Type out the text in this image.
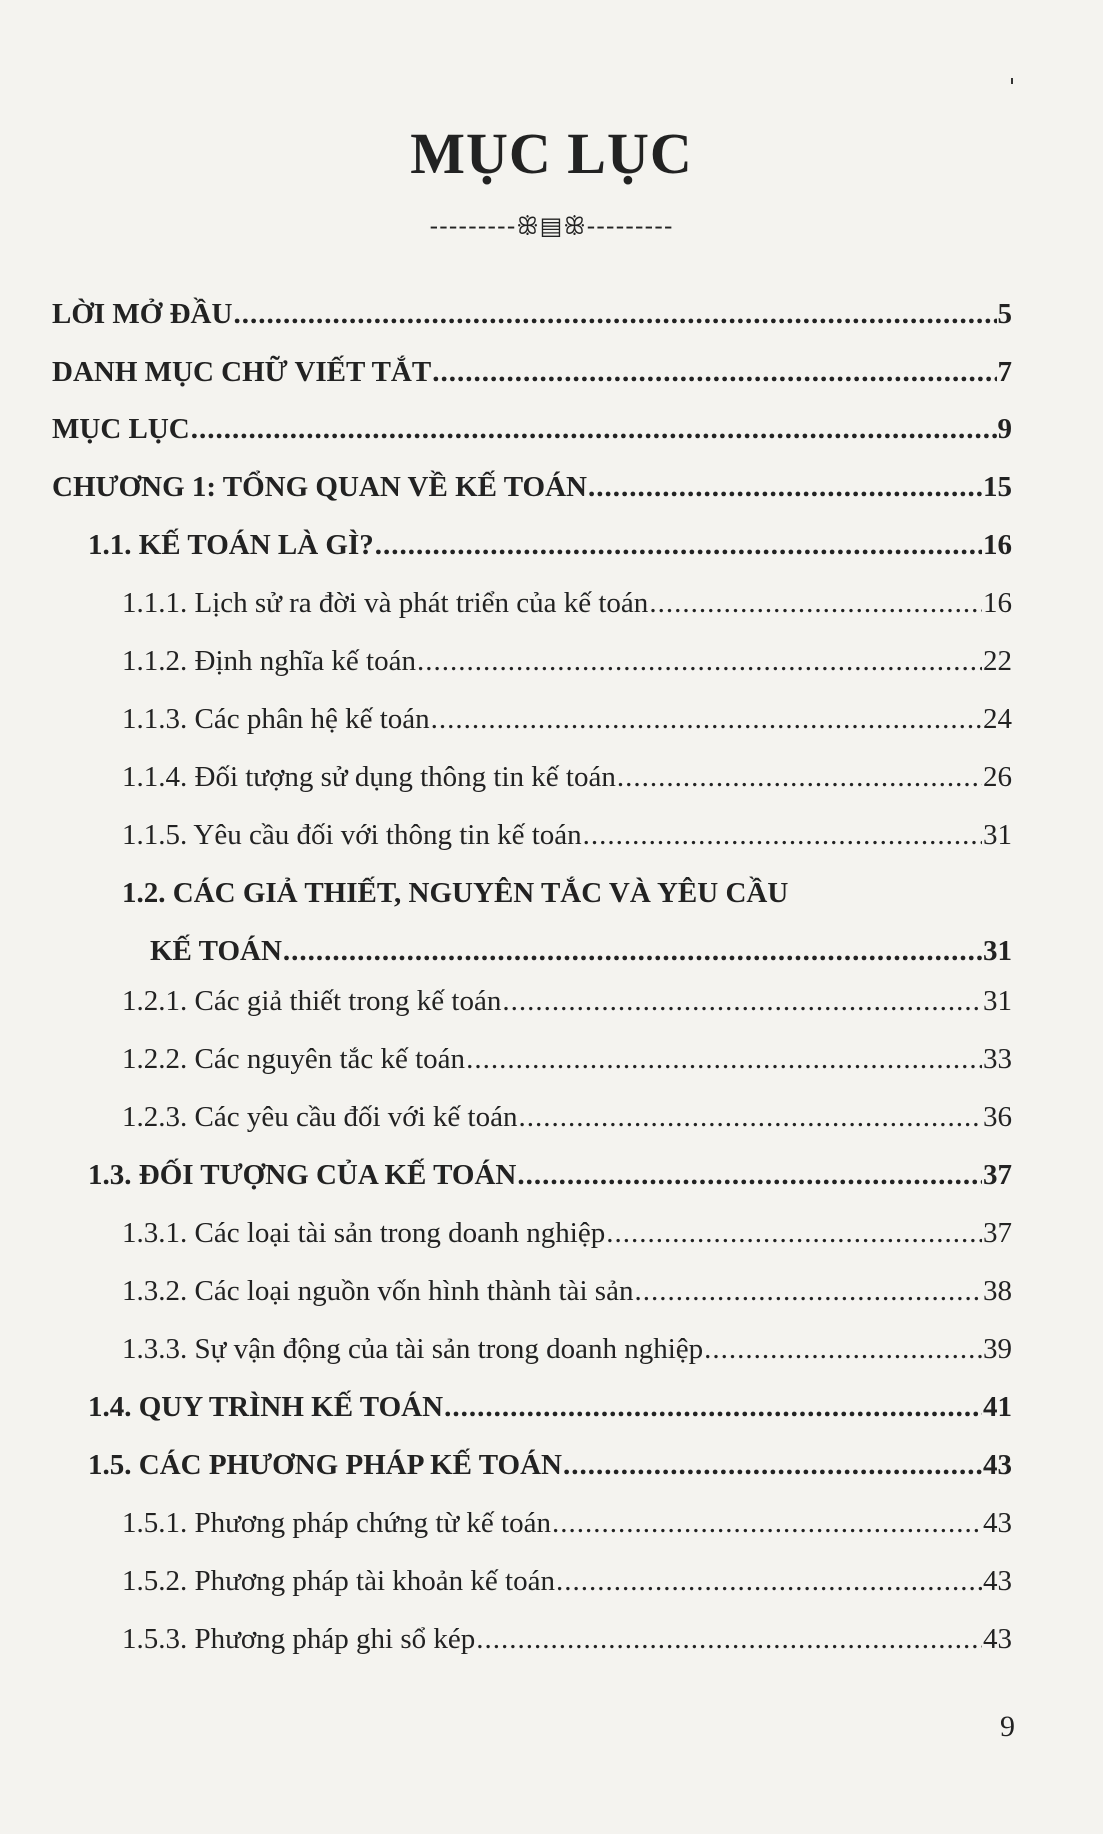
MỤC LỤC
---------ꕥ▤ꕥ---------
LỜI MỞ ĐẦU .....	5
DANH MỤC CHỮ VIẾT TẮT .....	7
MỤC LỤC .....	9
CHƯƠNG 1: TỔNG QUAN VỀ KẾ TOÁN .....	15
1.1. KẾ TOÁN LÀ GÌ? .....	16
1.1.1. Lịch sử ra đời và phát triển của kế toán .....	16
1.1.2. Định nghĩa kế toán .....	22
1.1.3. Các phân hệ kế toán .....	24
1.1.4. Đối tượng sử dụng thông tin kế toán .....	26
1.1.5. Yêu cầu đối với thông tin kế toán .....	31
1.2. CÁC GIẢ THIẾT, NGUYÊN TẮC VÀ YÊU CẦU
KẾ TOÁN .....	31
1.2.1. Các giả thiết trong kế toán .....	31
1.2.2. Các nguyên tắc kế toán .....	33
1.2.3. Các yêu cầu đối với kế toán .....	36
1.3. ĐỐI TƯỢNG CỦA KẾ TOÁN .....	37
1.3.1. Các loại tài sản trong doanh nghiệp .....	37
1.3.2. Các loại nguồn vốn hình thành tài sản .....	38
1.3.3. Sự vận động của tài sản trong doanh nghiệp .....	39
1.4. QUY TRÌNH KẾ TOÁN .....	41
1.5. CÁC PHƯƠNG PHÁP KẾ TOÁN .....	43
1.5.1. Phương pháp chứng từ kế toán .....	43
1.5.2. Phương pháp tài khoản kế toán .....	43
1.5.3. Phương pháp ghi sổ kép .....	43
9
